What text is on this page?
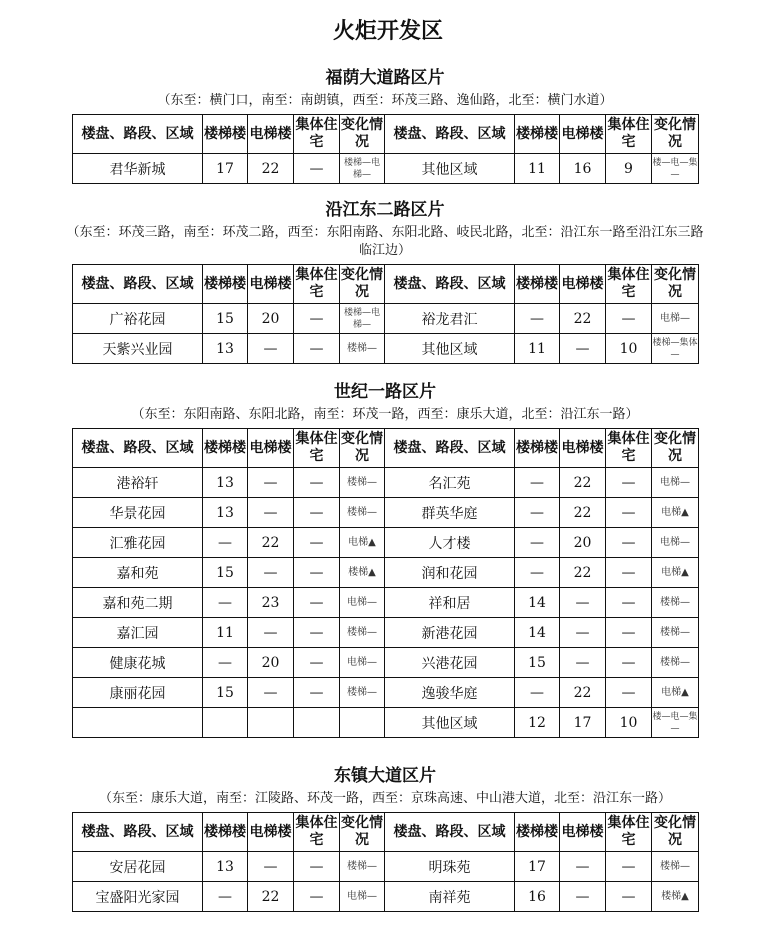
火炬开发区
福荫大道路区片
（东至：横门口，南至：南朗镇，西至：环茂三路、逸仙路，北至：横门水道）
楼盘、路段、区域	楼梯楼	电梯楼	集体住宅	变化情况	楼盘、路段、区域	楼梯楼	电梯楼	集体住宅	变化情况
君华新城	17	22	—	楼梯—电梯—	其他区域	11	16	9	楼—电—集—
沿江东二路区片
（东至：环茂三路，南至：环茂二路，西至：东阳南路、东阳北路、岐民北路，北至：沿江东一路至沿江东三路临江边）
楼盘、路段、区域	楼梯楼	电梯楼	集体住宅	变化情况	楼盘、路段、区域	楼梯楼	电梯楼	集体住宅	变化情况
广裕花园	15	20	—	楼梯—电梯—	裕龙君汇	—	22	—	电梯—
天紫兴业园	13	—	—	楼梯—	其他区域	11	—	10	楼梯—集体—
世纪一路区片
（东至：东阳南路、东阳北路，南至：环茂一路，西至：康乐大道，北至：沿江东一路）
楼盘、路段、区域	楼梯楼	电梯楼	集体住宅	变化情况	楼盘、路段、区域	楼梯楼	电梯楼	集体住宅	变化情况
港裕轩	13	—	—	楼梯—	名汇苑	—	22	—	电梯—
华景花园	13	—	—	楼梯—	群英华庭	—	22	—	电梯▲
汇雅花园	—	22	—	电梯▲	人才楼	—	20	—	电梯—
嘉和苑	15	—	—	楼梯▲	润和花园	—	22	—	电梯▲
嘉和苑二期	—	23	—	电梯—	祥和居	14	—	—	楼梯—
嘉汇园	11	—	—	楼梯—	新港花园	14	—	—	楼梯—
健康花城	—	20	—	电梯—	兴港花园	15	—	—	楼梯—
康丽花园	15	—	—	楼梯—	逸骏华庭	—	22	—	电梯▲
					其他区域	12	17	10	楼—电—集—
东镇大道区片
（东至：康乐大道，南至：江陵路、环茂一路，西至：京珠高速、中山港大道，北至：沿江东一路）
楼盘、路段、区域	楼梯楼	电梯楼	集体住宅	变化情况	楼盘、路段、区域	楼梯楼	电梯楼	集体住宅	变化情况
安居花园	13	—	—	楼梯—	明珠苑	17	—	—	楼梯—
宝盛阳光家园	—	22	—	电梯—	南祥苑	16	—	—	楼梯▲
